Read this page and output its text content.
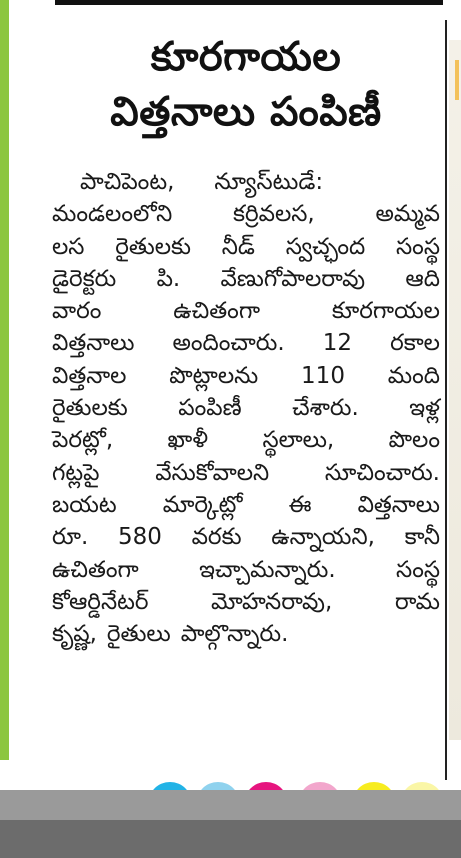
కూరగాయల
విత్తనాలు పంపిణీ
పాచిపెంట, న్యూస్‌టుడే:
మండలంలోని	కర్రివలస,	అమ్మవ
లస రైతులకు నీడ్ స్వచ్ఛంద సంస్థ
డైరెక్టరు పి. వేణుగోపాలరావు ఆది
వారం	ఉచితంగా	కూరగాయల
విత్తనాలు అందించారు. 12 రకాల
విత్తనాల పొట్లాలను 110 మంది
రైతులకు పంపిణీ చేశారు. ఇళ్ల
పెరట్లో, ఖాళీ స్థలాలు, పొలం
గట్లపై వేసుకోవాలని సూచించారు.
బయట మార్కెట్లో ఈ విత్తనాలు
రూ. 580 వరకు ఉన్నాయని, కానీ
ఉచితంగా	ఇచ్చామన్నారు.	సంస్థ
కోఆర్డినేటర్	మోహనరావు,	రామ
కృష్ణ, రైతులు పాల్గొన్నారు.
